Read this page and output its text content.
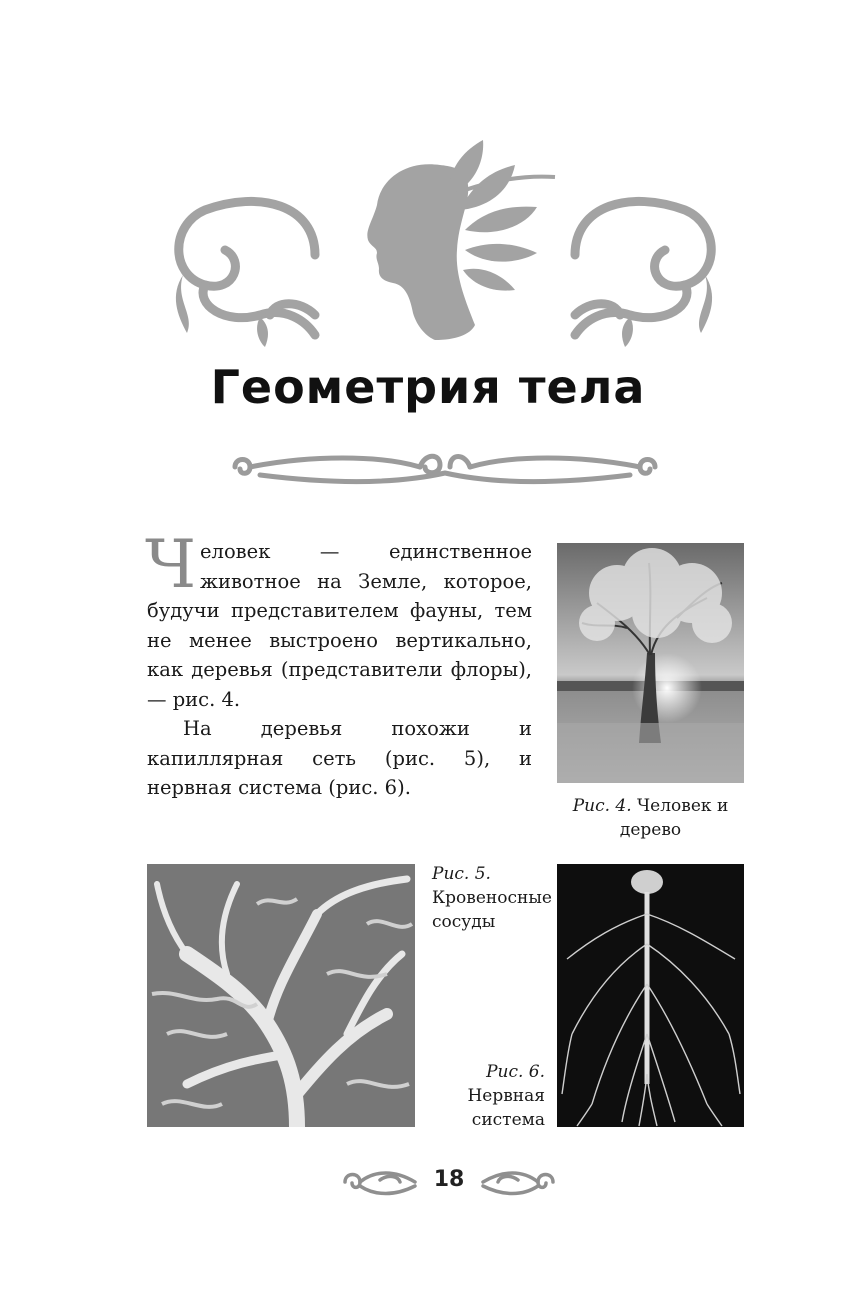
Геометрия тела

Человек — единственное животное на Земле, которое, будучи представителем фауны, тем не менее выстроено вертикально, как деревья (представители флоры), — рис. 4.

На деревья похожи и капиллярная сеть (рис. 5), и нервная система (рис. 6).

Рис. 4. Человек и дерево
Рис. 5.
Кровеносные сосуды
Рис. 6.
Нервная система
18
